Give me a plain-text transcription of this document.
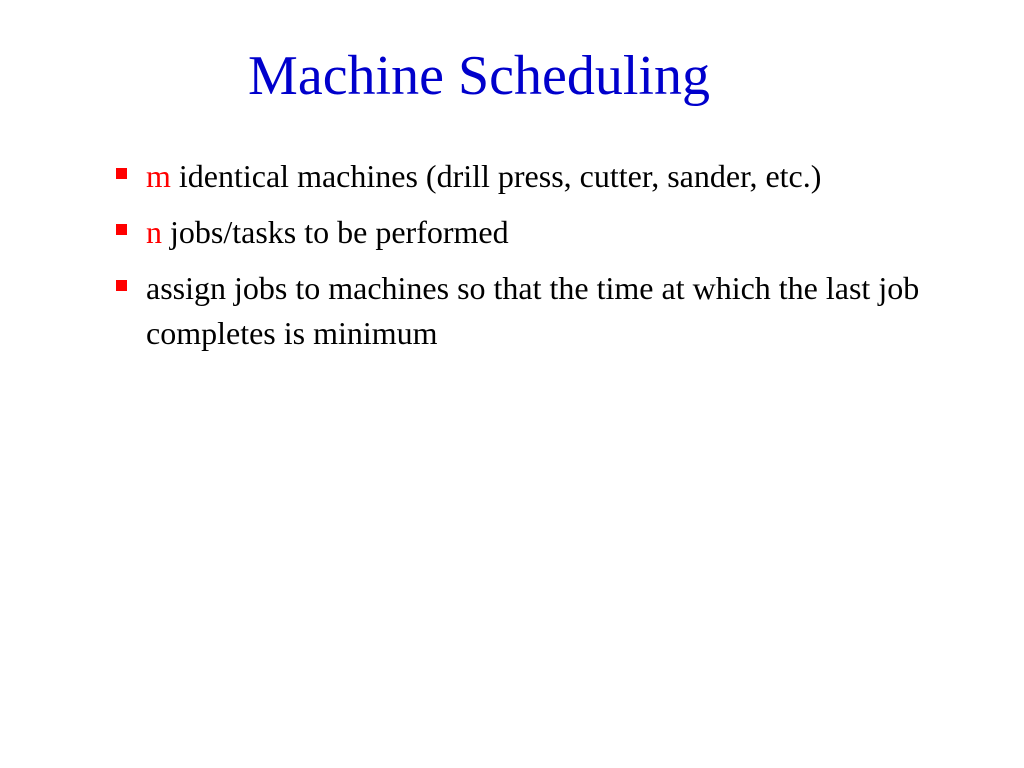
Machine Scheduling
m identical machines (drill press, cutter, sander, etc.)
n jobs/tasks to be performed
assign jobs to machines so that the time at which the last job completes is minimum
